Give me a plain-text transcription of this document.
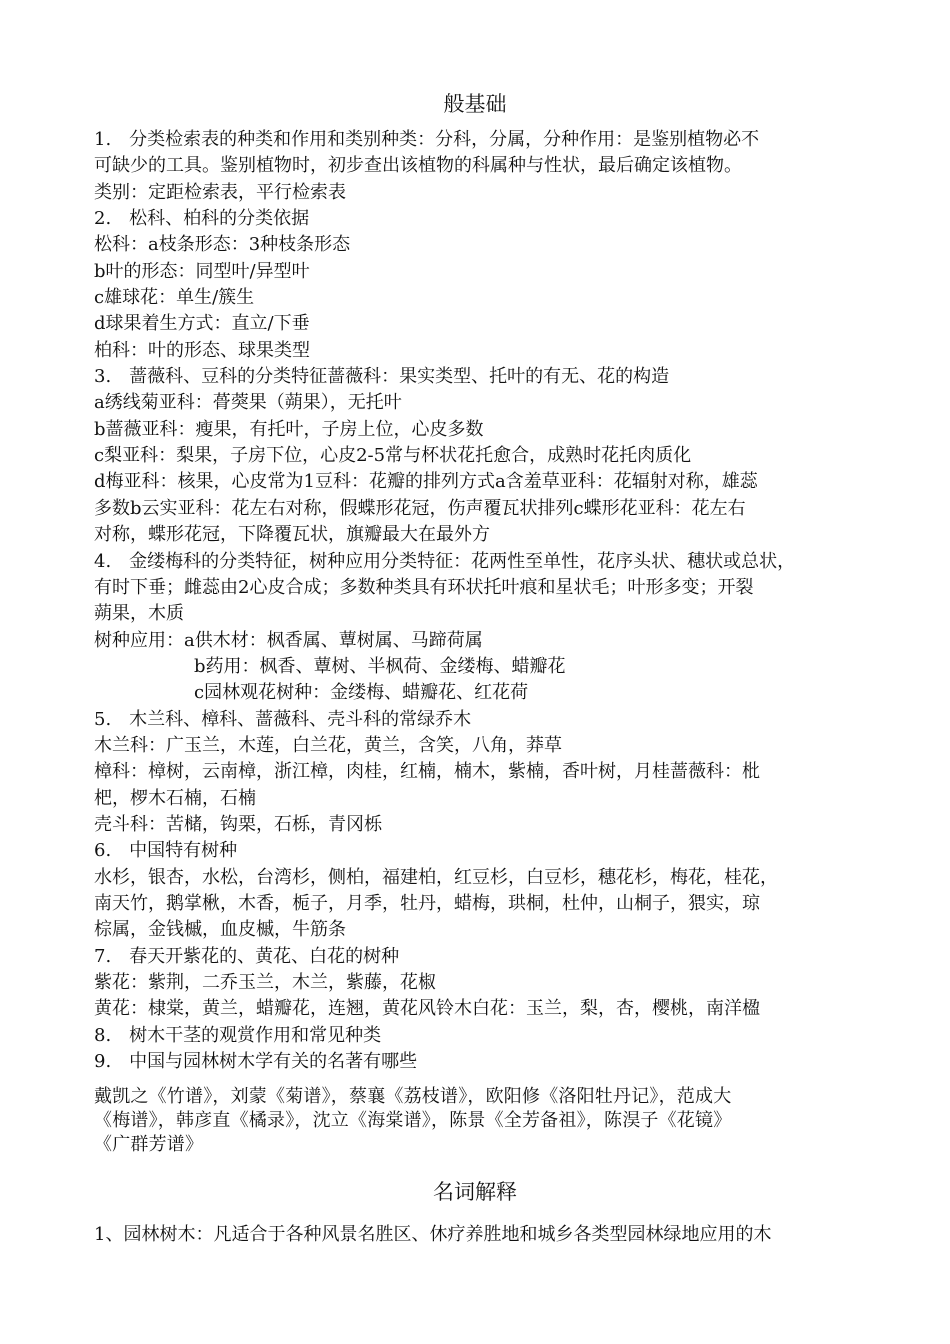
般基础
1.　分类检索表的种类和作用和类别种类：分科，分属，分种作用：是鉴别植物必不
可缺少的工具。鉴别植物时，初步查出该植物的科属种与性状，最后确定该植物。
类别：定距检索表，平行检索表
2.　松科、柏科的分类依据
松科：a枝条形态：3种枝条形态
b叶的形态：同型叶/异型叶
c雄球花：单生/簇生
d球果着生方式：直立/下垂
柏科：叶的形态、球果类型
3.　蔷薇科、豆科的分类特征蔷薇科：果实类型、托叶的有无、花的构造
a绣线菊亚科：蓇葖果（蒴果），无托叶
b蔷薇亚科：瘦果，有托叶，子房上位，心皮多数
c梨亚科：梨果，子房下位，心皮2-5常与杯状花托愈合，成熟时花托肉质化
d梅亚科：核果，心皮常为1豆科：花瓣的排列方式a含羞草亚科：花辐射对称，雄蕊
多数b云实亚科：花左右对称，假蝶形花冠，伤声覆瓦状排列c蝶形花亚科：花左右
对称，蝶形花冠，下降覆瓦状，旗瓣最大在最外方
4.　金缕梅科的分类特征，树种应用分类特征：花两性至单性，花序头状、穗状或总状，
有时下垂；雌蕊由2心皮合成；多数种类具有环状托叶痕和星状毛；叶形多变；开裂
蒴果，木质
树种应用：a供木材：枫香属、蕈树属、马蹄荷属
b药用：枫香、蕈树、半枫荷、金缕梅、蜡瓣花
c园林观花树种：金缕梅、蜡瓣花、红花荷
5.　木兰科、樟科、蔷薇科、壳斗科的常绿乔木
木兰科：广玉兰，木莲，白兰花，黄兰，含笑，八角，莽草
樟科：樟树，云南樟，浙江樟，肉桂，红楠，楠木，紫楠，香叶树，月桂蔷薇科：枇
杷，椤木石楠，石楠
壳斗科：苦槠，钩栗，石栎，青冈栎
6.　中国特有树种
水杉，银杏，水松，台湾杉，侧柏，福建柏，红豆杉，白豆杉，穗花杉，梅花，桂花，
南天竹，鹅掌楸，木香，栀子，月季，牡丹，蜡梅，珙桐，杜仲，山桐子，猥实，琼
棕属，金钱槭，血皮槭，牛筋条
7.　春天开紫花的、黄花、白花的树种
紫花：紫荆，二乔玉兰，木兰，紫藤，花椒
黄花：棣棠，黄兰，蜡瓣花，连翘，黄花风铃木白花：玉兰，梨，杏，樱桃，南洋楹
8.　树木干茎的观赏作用和常见种类
9.　中国与园林树木学有关的名著有哪些
戴凯之《竹谱》，刘蒙《菊谱》，蔡襄《荔枝谱》，欧阳修《洛阳牡丹记》，范成大
《梅谱》，韩彦直《橘录》，沈立《海棠谱》，陈景《全芳备祖》，陈淏子《花镜》
《广群芳谱》
名词解释
1、园林树木：凡适合于各种风景名胜区、休疗养胜地和城乡各类型园林绿地应用的木
